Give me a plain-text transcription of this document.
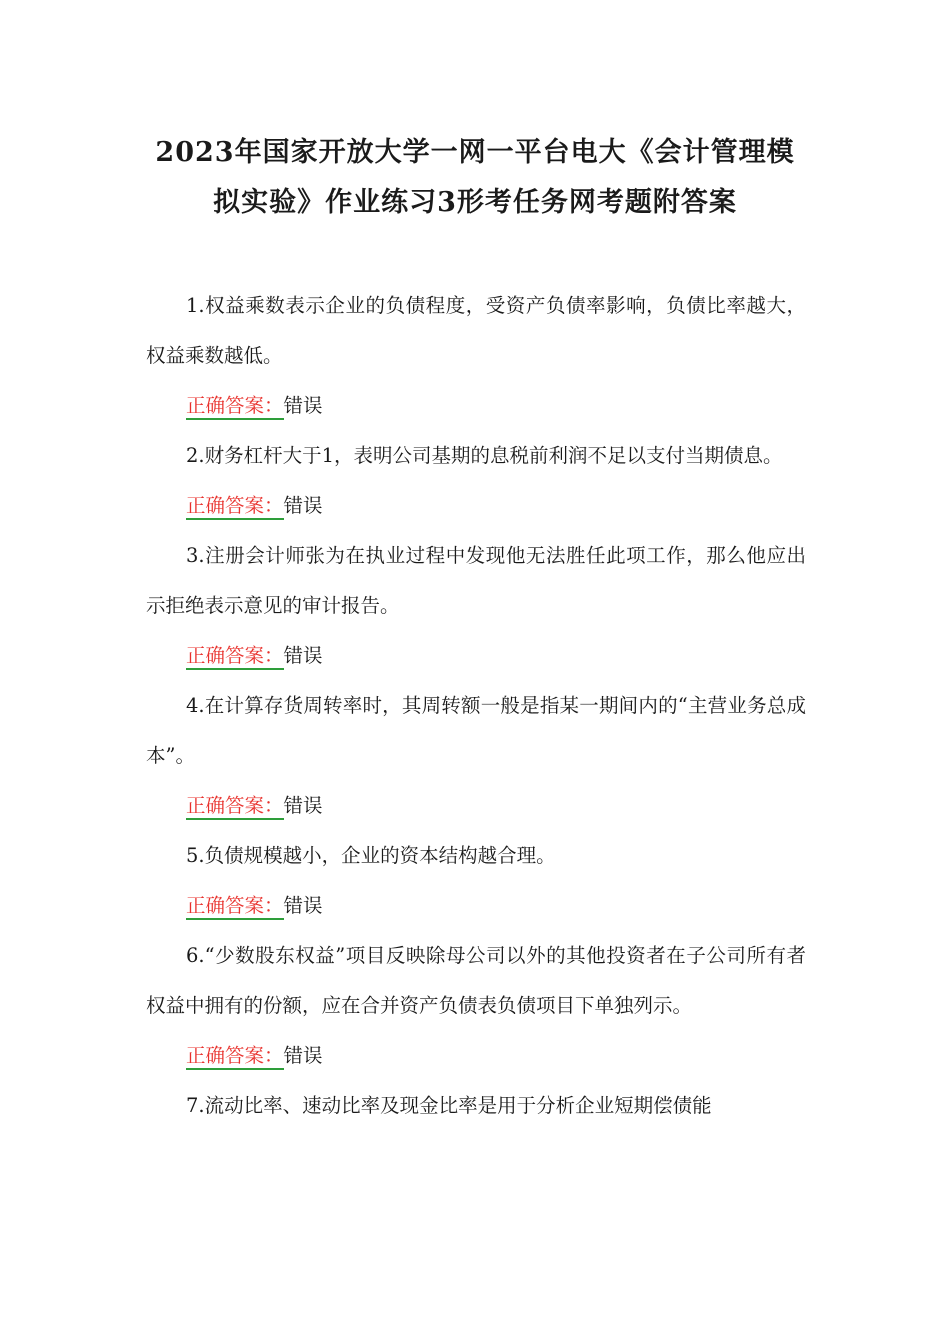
2023年国家开放大学一网一平台电大《会计管理模
拟实验》作业练习3形考任务网考题附答案

1.权益乘数表示企业的负债程度，受资产负债率影响，负债比率越大，权益乘数越低。

正确答案：错误

2.财务杠杆大于1，表明公司基期的息税前利润不足以支付当期债息。

正确答案：错误

3.注册会计师张为在执业过程中发现他无法胜任此项工作，那么他应出示拒绝表示意见的审计报告。

正确答案：错误

4.在计算存货周转率时，其周转额一般是指某一期间内的“主营业务总成本”。

正确答案：错误

5.负债规模越小，企业的资本结构越合理。

正确答案：错误

6.“少数股东权益”项目反映除母公司以外的其他投资者在子公司所有者权益中拥有的份额，应在合并资产负债表负债项目下单独列示。

正确答案：错误

7.流动比率、速动比率及现金比率是用于分析企业短期偿债能
